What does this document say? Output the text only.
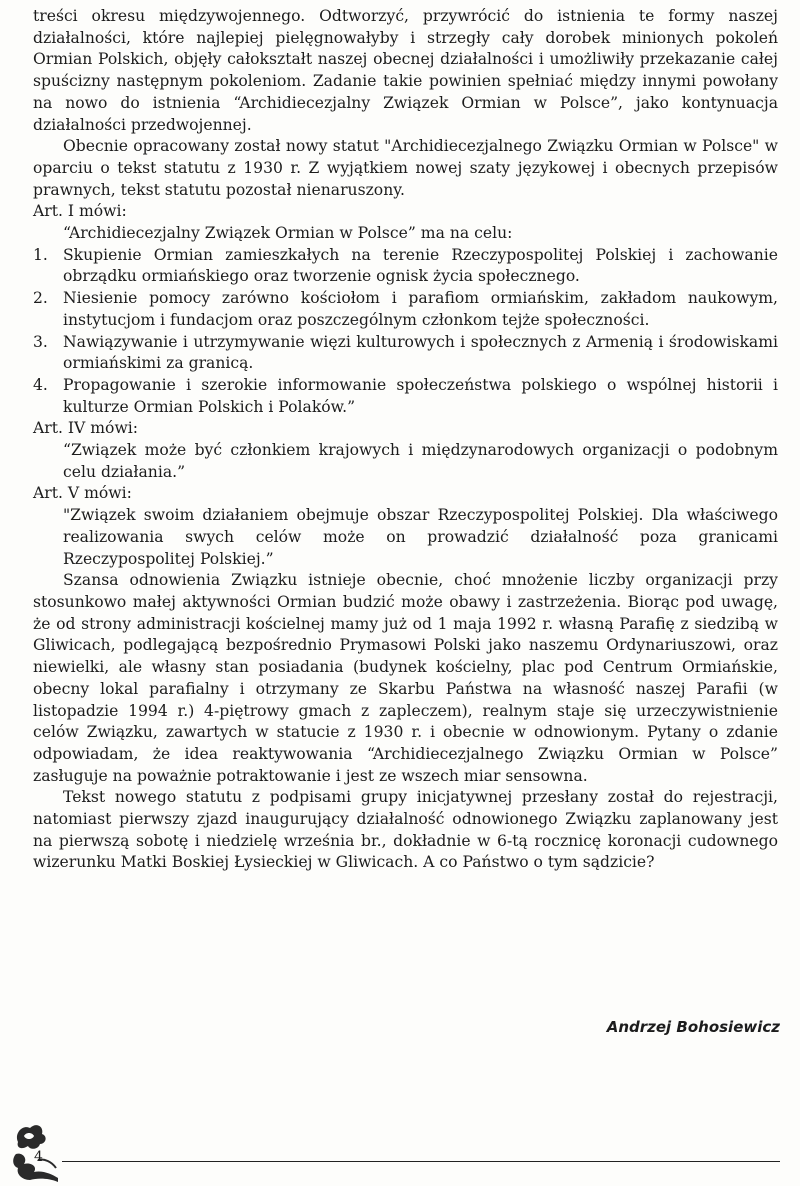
treści okresu międzywojennego. Odtworzyć, przywrócić do istnienia te formy naszej działalności, które najlepiej pielęgnowałyby i strzegły cały dorobek minionych pokoleń Ormian Polskich, objęły całokształt naszej obecnej działalności i umożliwiły przekazanie całej spuścizny następnym pokoleniom. Zadanie takie powinien spełniać między innymi powołany na nowo do istnienia “Archidiecezjalny Związek Ormian w Polsce”, jako kontynuacja działalności przedwojennej.

Obecnie opracowany został nowy statut "Archidiecezjalnego Związku Ormian w Polsce" w oparciu o tekst statutu z 1930 r. Z wyjątkiem nowej szaty językowej i obecnych przepisów prawnych, tekst statutu pozostał nienaruszony.

Art. I mówi:

“Archidiecezjalny Związek Ormian w Polsce” ma na celu:

1. Skupienie Ormian zamieszkałych na terenie Rzeczypospolitej Polskiej i zachowanie obrządku ormiańskiego oraz tworzenie ognisk życia społecznego.
2. Niesienie pomocy zarówno kościołom i parafiom ormiańskim, zakładom naukowym, instytucjom i fundacjom oraz poszczególnym członkom tejże społeczności.
3. Nawiązywanie i utrzymywanie więzi kulturowych i społecznych z Armenią i środowiskami ormiańskimi za granicą.
4. Propagowanie i szerokie informowanie społeczeństwa polskiego o wspólnej historii i kulturze Ormian Polskich i Polaków.”

Art. IV mówi:

“Związek może być członkiem krajowych i międzynarodowych organizacji o podobnym celu działania.”

Art. V mówi:

"Związek swoim działaniem obejmuje obszar Rzeczypospolitej Polskiej. Dla właściwego realizowania swych celów może on prowadzić działalność poza granicami Rzeczypospolitej Polskiej.”

Szansa odnowienia Związku istnieje obecnie, choć mnożenie liczby organizacji przy stosunkowo małej aktywności Ormian budzić może obawy i zastrzeżenia. Biorąc pod uwagę, że od strony administracji kościelnej mamy już od 1 maja 1992 r. własną Parafię z siedzibą w Gliwicach, podlegającą bezpośrednio Prymasowi Polski jako naszemu Ordynariuszowi, oraz niewielki, ale własny stan posiadania (budynek kościelny, plac pod Centrum Ormiańskie, obecny lokal parafialny i otrzymany ze Skarbu Państwa na własność naszej Parafii (w listopadzie 1994 r.) 4-piętrowy gmach z zapleczem), realnym staje się urzeczywistnienie celów Związku, zawartych w statucie z 1930 r. i obecnie w odnowionym. Pytany o zdanie odpowiadam, że idea reaktywowania “Archidiecezjalnego Związku Ormian w Polsce” zasługuje na poważnie potraktowanie i jest ze wszech miar sensowna.

Tekst nowego statutu z podpisami grupy inicjatywnej przesłany został do rejestracji, natomiast pierwszy zjazd inaugurujący działalność odnowionego Związku zaplanowany jest na pierwszą sobotę i niedzielę września br., dokładnie w 6-tą rocznicę koronacji cudownego wizerunku Matki Boskiej Łysieckiej w Gliwicach. A co Państwo o tym sądzicie?

Andrzej Bohosiewicz
4
